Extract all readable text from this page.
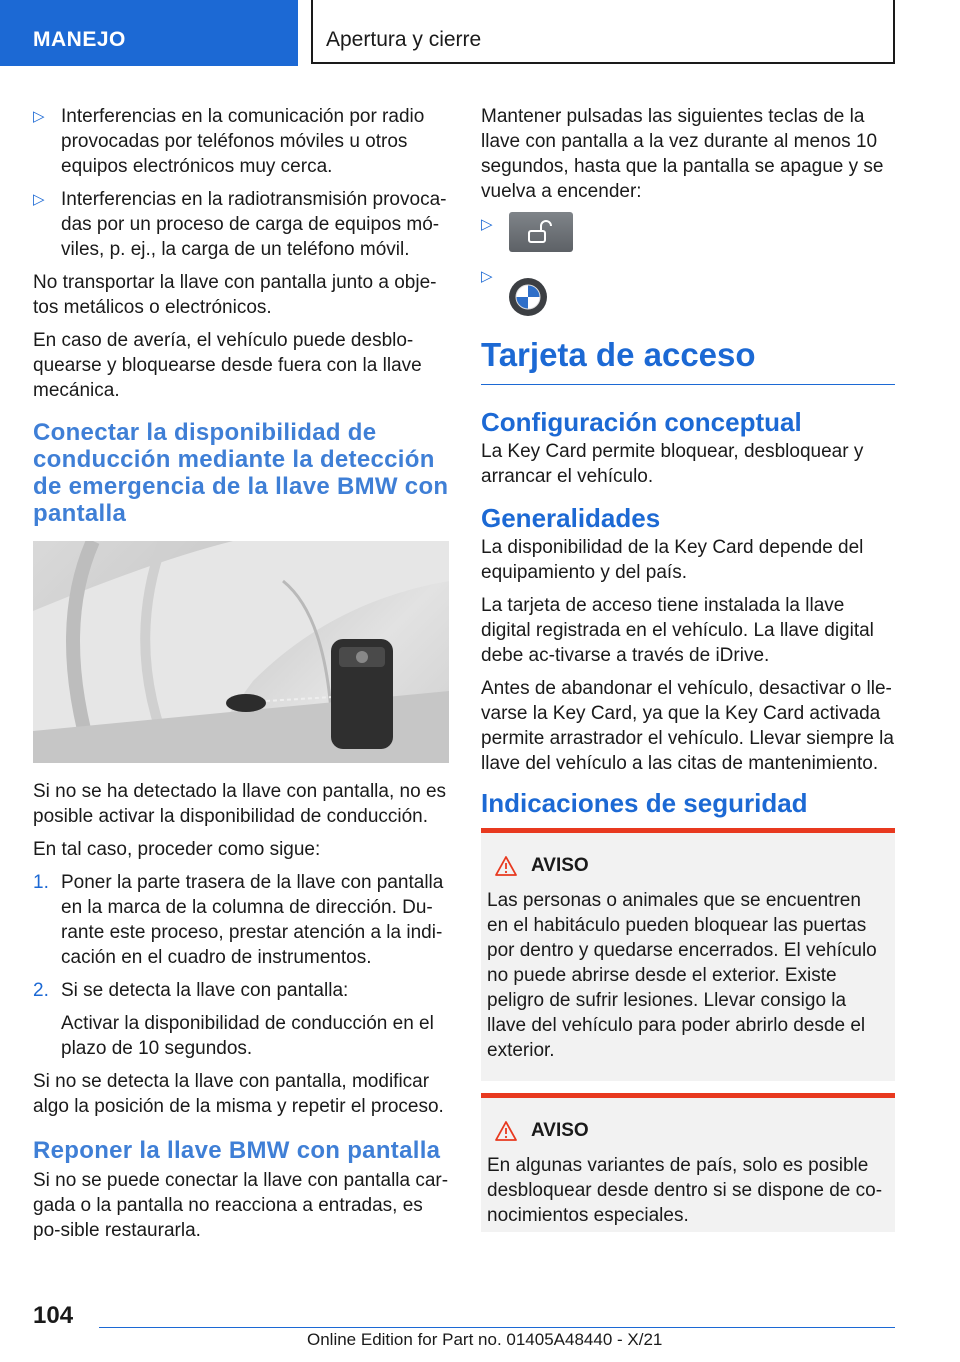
MANEJO	Apertura y cierre
▷ Interferencias en la comunicación por radio provocadas por teléfonos móviles u otros equipos electrónicos muy cerca.
▷ Interferencias en la radiotransmisión provoca-das por un proceso de carga de equipos mó-viles, p. ej., la carga de un teléfono móvil.

No transportar la llave con pantalla junto a obje-tos metálicos o electrónicos.

En caso de avería, el vehículo puede desblo-quearse y bloquearse desde fuera con la llave mecánica.

Conectar la disponibilidad de conducción mediante la detección de emergencia de la llave BMW con pantalla

Si no se ha detectado la llave con pantalla, no es posible activar la disponibilidad de conducción.

En tal caso, proceder como sigue:

1. Poner la parte trasera de la llave con pantalla en la marca de la columna de dirección. Du-rante este proceso, prestar atención a la indi-cación en el cuadro de instrumentos.
2. Si se detecta la llave con pantalla:
Activar la disponibilidad de conducción en el plazo de 10 segundos.

Si no se detecta la llave con pantalla, modificar algo la posición de la misma y repetir el proceso.

Reponer la llave BMW con pantalla

Si no se puede conectar la llave con pantalla car-gada o la pantalla no reacciona a entradas, es po-sible restaurarla.

Mantener pulsadas las siguientes teclas de la llave con pantalla a la vez durante al menos 10 segundos, hasta que la pantalla se apague y se vuelva a encender:

▷
▷
Tarjeta de acceso
Configuración conceptual

La Key Card permite bloquear, desbloquear y arrancar el vehículo.

Generalidades

La disponibilidad de la Key Card depende del equipamiento y del país.

La tarjeta de acceso tiene instalada la llave digital registrada en el vehículo. La llave digital debe ac-tivarse a través de iDrive.

Antes de abandonar el vehículo, desactivar o lle-varse la Key Card, ya que la Key Card activada permite arrastrador el vehículo. Llevar siempre la llave del vehículo a las citas de mantenimiento.

Indicaciones de seguridad
AVISO
Las personas o animales que se encuentren en el habitáculo pueden bloquear las puertas por dentro y quedarse encerrados. El vehículo no puede abrirse desde el exterior. Existe peligro de sufrir lesiones. Llevar consigo la llave del vehículo para poder abrirlo desde el exterior.
AVISO
En algunas variantes de país, solo es posible desbloquear desde dentro si se dispone de co-nocimientos especiales.
104
Online Edition for Part no. 01405A48440 - X/21
